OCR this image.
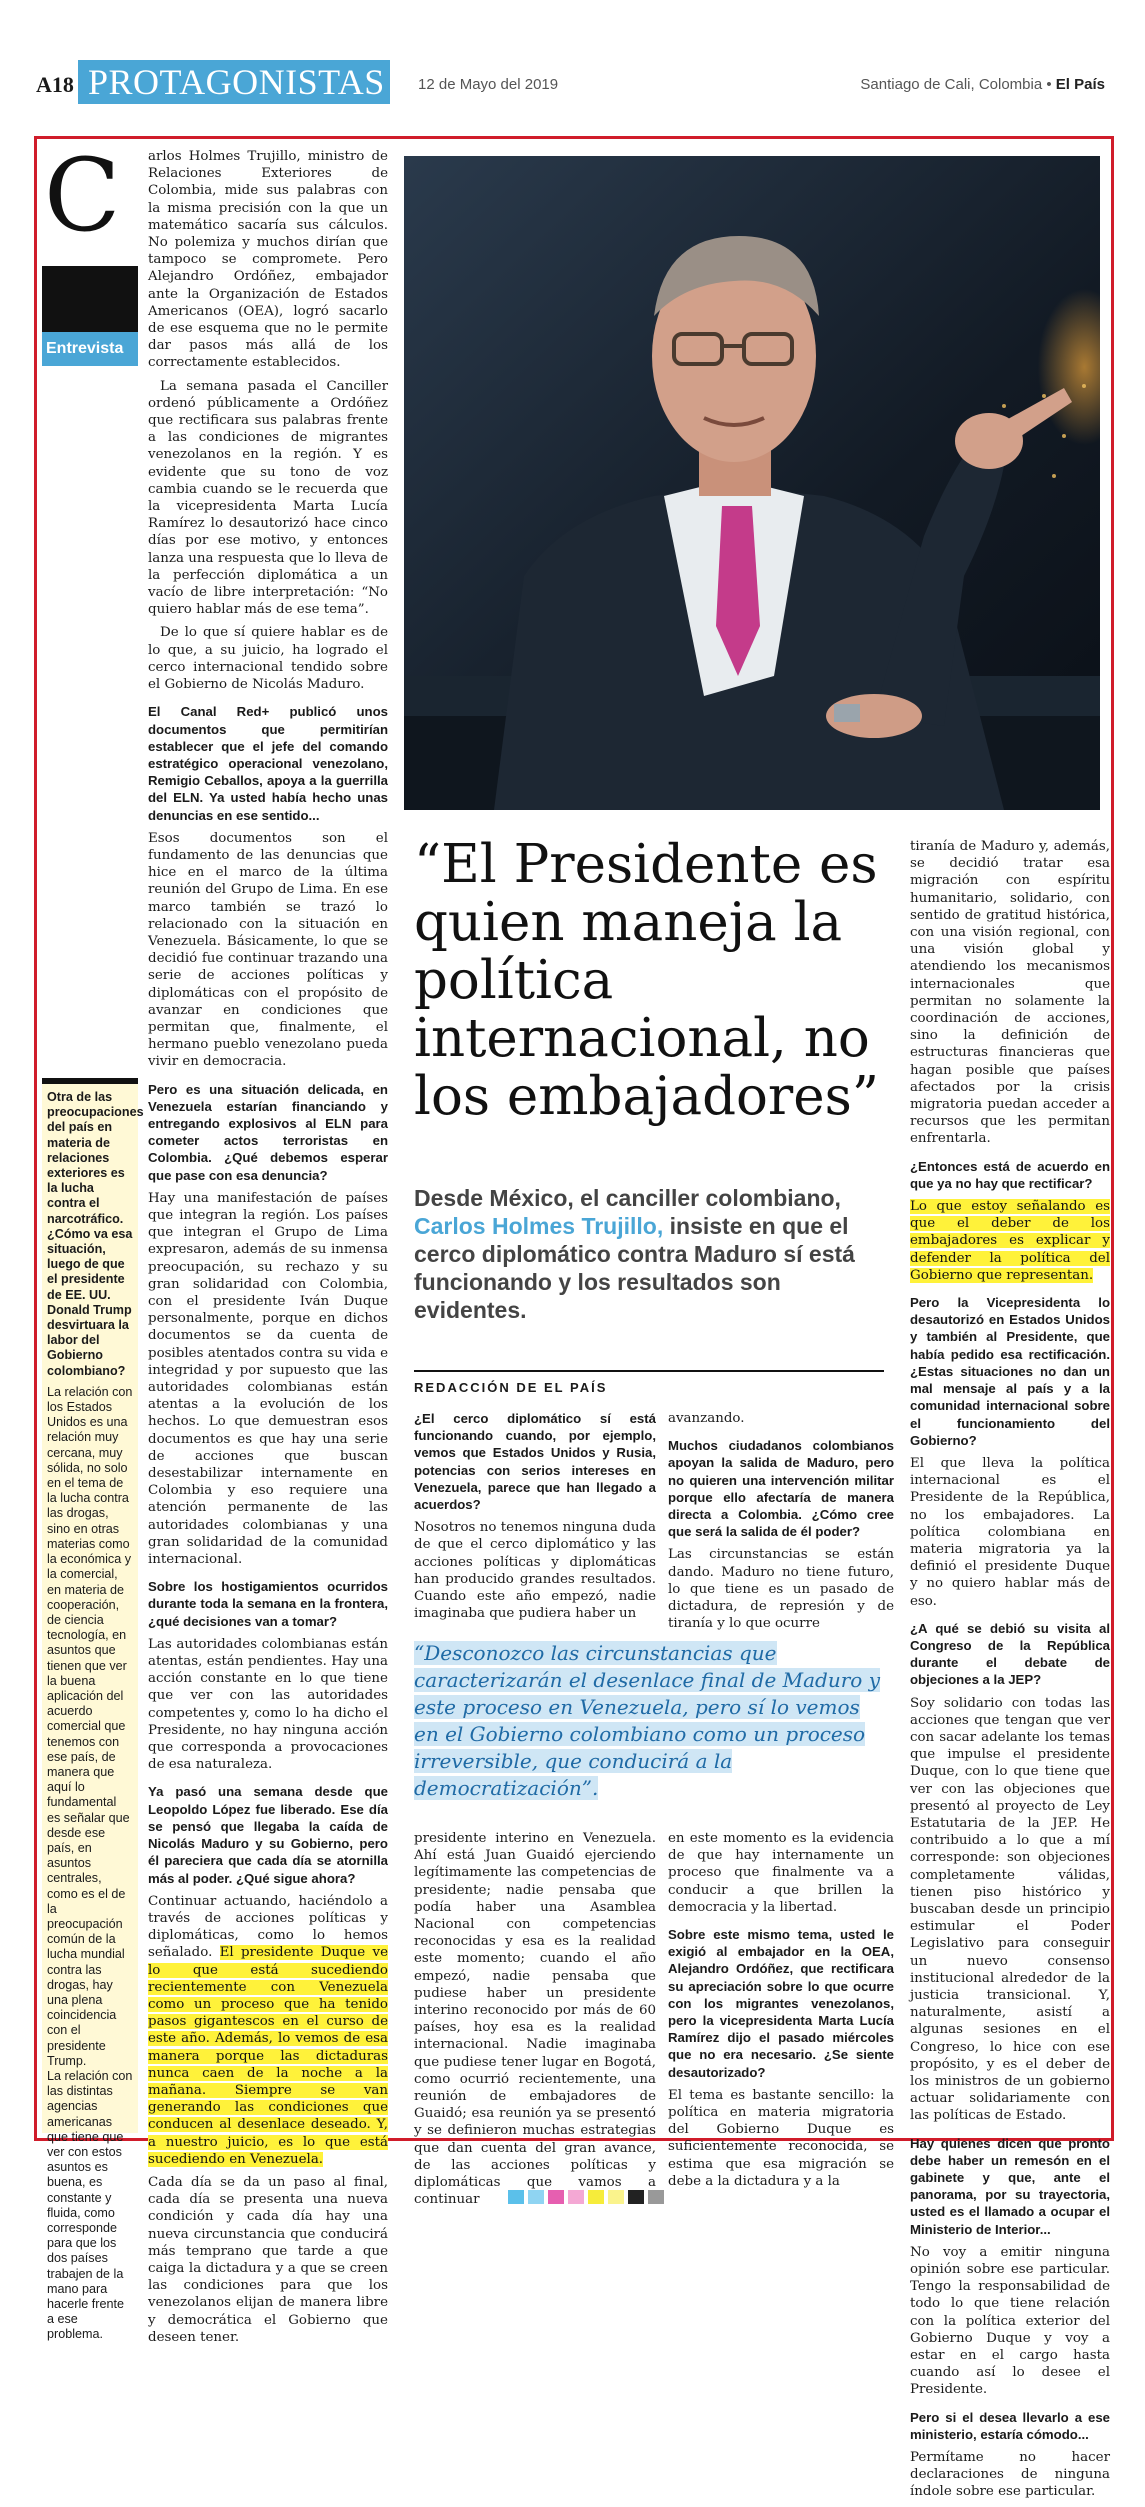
A18 PROTAGONISTAS	12 de Mayo del 2019	Santiago de Cali, Colombia • El País
C
Entrevista

Otra de las preocupaciones del país en materia de relaciones exteriores es la lucha contra el narcotráfico. ¿Cómo va esa situación, luego de que el presidente de EE. UU. Donald Trump desvirtuara la labor del Gobierno colombiano?

La relación con los Estados Unidos es una relación muy cercana, muy sólida, no solo en el tema de la lucha contra las drogas, sino en otras materias como la económica y la comercial, en materia de cooperación, de ciencia tecnología, en asuntos que tienen que ver la buena aplicación del acuerdo comercial que tenemos con ese país, de manera que aquí lo fundamental es señalar que desde ese país, en asuntos centrales, como es el de la preocupación común de la lucha mundial contra las drogas, hay una plena coincidencia con el presidente Trump.

La relación con las distintas agencias americanas que tiene que ver con estos asuntos es buena, es constante y fluida, como corresponde para que los dos países trabajen de la mano para hacerle frente a ese problema.

arlos Holmes Trujillo, ministro de Relaciones Exteriores de Colombia, mide sus palabras con la misma precisión con la que un matemático sacaría sus cálculos. No polemiza y muchos dirían que tampoco se compromete. Pero Alejandro Ordóñez, embajador ante la Organización de Estados Americanos (OEA), logró sacarlo de ese esquema que no le permite dar pasos más allá de los correctamente establecidos.

La semana pasada el Canciller ordenó públicamente a Ordóñez que rectificara sus palabras frente a las condiciones de migrantes venezolanos en la región. Y es evidente que su tono de voz cambia cuando se le recuerda que la vicepresidenta Marta Lucía Ramírez lo desautorizó hace cinco días por ese motivo, y entonces lanza una respuesta que lo lleva de la perfección diplomática a un vacío de libre interpretación: “No quiero hablar más de ese tema”.

De lo que sí quiere hablar es de lo que, a su juicio, ha logrado el cerco internacional tendido sobre el Gobierno de Nicolás Maduro.

El Canal Red+ publicó unos documentos que permitirían establecer que el jefe del comando estratégico operacional venezolano, Remigio Ceballos, apoya a la guerrilla del ELN. Ya usted había hecho unas denuncias en ese sentido...

Esos documentos son el fundamento de las denuncias que hice en el marco de la última reunión del Grupo de Lima. En ese marco también se trazó lo relacionado con la situación en Venezuela. Básicamente, lo que se decidió fue continuar trazando una serie de acciones políticas y diplomáticas con el propósito de avanzar en condiciones que permitan que, finalmente, el hermano pueblo venezolano pueda vivir en democracia.

Pero es una situación delicada, en Venezuela estarían financiando y entregando explosivos al ELN para cometer actos terroristas en Colombia. ¿Qué debemos esperar que pase con esa denuncia?

Hay una manifestación de países que integran la región. Los países que integran el Grupo de Lima expresaron, además de su inmensa preocupación, su rechazo y su gran solidaridad con Colombia, con el presidente Iván Duque personalmente, porque en dichos documentos se da cuenta de posibles atentados contra su vida e integridad y por supuesto que las autoridades colombianas están atentas a la evolución de los hechos. Lo que demuestran esos documentos es que hay una serie de acciones que buscan desestabilizar internamente en Colombia y eso requiere una atención permanente de las autoridades colombianas y una gran solidaridad de la comunidad internacional.

Sobre los hostigamientos ocurridos durante toda la semana en la frontera, ¿qué decisiones van a tomar?

Las autoridades colombianas están atentas, están pendientes. Hay una acción constante en lo que tiene que ver con las autoridades competentes y, como lo ha dicho el Presidente, no hay ninguna acción que corresponda a provocaciones de esa naturaleza.

Ya pasó una semana desde que Leopoldo López fue liberado. Ese día se pensó que llegaba la caída de Nicolás Maduro y su Gobierno, pero él pareciera que cada día se atornilla más al poder. ¿Qué sigue ahora?

Continuar actuando, haciéndolo a través de acciones políticas y diplomáticas, como lo hemos señalado. El presidente Duque ve lo que está sucediendo recientemente con Venezuela como un proceso que ha tenido pasos gigantescos en el curso de este año. Además, lo vemos de esa manera porque las dictaduras nunca caen de la noche a la mañana. Siempre se van generando las condiciones que conducen al desenlace deseado. Y, a nuestro juicio, es lo que está sucediendo en Venezuela.

Cada día se da un paso al final, cada día se presenta una nueva condición y cada día hay una nueva circunstancia que conducirá más temprano que tarde a que caiga la dictadura y a que se creen las condiciones para que los venezolanos elijan de manera libre y democrática el Gobierno que deseen tener.

“El Presidente es quien maneja la política internacional, no los embajadores”
Desde México, el canciller colombiano, Carlos Holmes Trujillo, insiste en que el cerco diplomático contra Maduro sí está funcionando y los resultados son evidentes.
REDACCIÓN DE EL PAÍS

¿El cerco diplomático sí está funcionando cuando, por ejemplo, vemos que Estados Unidos y Rusia, potencias con serios intereses en Venezuela, parece que han llegado a acuerdos?

Nosotros no tenemos ninguna duda de que el cerco diplomático y las acciones políticas y diplomáticas han producido grandes resultados. Cuando este año empezó, nadie imaginaba que pudiera haber un

avanzando.

Muchos ciudadanos colombianos apoyan la salida de Maduro, pero no quieren una intervención militar porque ello afectaría de manera directa a Colombia. ¿Cómo cree que será la salida de él poder?

Las circunstancias se están dando. Maduro no tiene futuro, lo que tiene es un pasado de dictadura, de represión y de tiranía y lo que ocurre

“Desconozco las circunstancias que caracterizarán el desenlace final de Maduro y este proceso en Venezuela, pero sí lo vemos en el Gobierno colombiano como un proceso irreversible, que conducirá a la democratización”.

presidente interino en Venezuela. Ahí está Juan Guaidó ejerciendo legítimamente las competencias de presidente; nadie pensaba que podía haber una Asamblea Nacional con competencias reconocidas y esa es la realidad este momento; cuando el año empezó, nadie pensaba que pudiese haber un presidente interino reconocido por más de 60 países, hoy esa es la realidad internacional. Nadie imaginaba que pudiese tener lugar en Bogotá, como ocurrió recientemente, una reunión de embajadores de Guaidó; esa reunión ya se presentó y se definieron muchas estrategias que dan cuenta del gran avance, de las acciones políticas y diplomáticas que vamos a continuar

en este momento es la evidencia de que hay internamente un proceso que finalmente va a conducir a que brillen la democracia y la libertad.

Sobre este mismo tema, usted le exigió al embajador en la OEA, Alejandro Ordóñez, que rectificara su apreciación sobre lo que ocurre con los migrantes venezolanos, pero la vicepresidenta Marta Lucía Ramírez dijo el pasado miércoles que no era necesario. ¿Se siente desautorizado?

El tema es bastante sencillo: la política en materia migratoria del Gobierno Duque es suficientemente reconocida, se estima que esa migración se debe a la dictadura y a la

tiranía de Maduro y, además, se decidió tratar esa migración con espíritu humanitario, solidario, con sentido de gratitud histórica, con una visión regional, con una visión global y atendiendo los mecanismos internacionales que permitan no solamente la coordinación de acciones, sino la definición de estructuras financieras que hagan posible que países afectados por la crisis migratoria puedan acceder a recursos que les permitan enfrentarla.

¿Entonces está de acuerdo en que ya no hay que rectificar?

Lo que estoy señalando es que el deber de los embajadores es explicar y defender la política del Gobierno que representan.

Pero la Vicepresidenta lo desautorizó en Estados Unidos y también al Presidente, que había pedido esa rectificación. ¿Estas situaciones no dan un mal mensaje al país y a la comunidad internacional sobre el funcionamiento del Gobierno?

El que lleva la política internacional es el Presidente de la República, no los embajadores. La política colombiana en materia migratoria ya la definió el presidente Duque y no quiero hablar más de eso.

¿A qué se debió su visita al Congreso de la República durante el debate de objeciones a la JEP?

Soy solidario con todas las acciones que tengan que ver con sacar adelante los temas que impulse el presidente Duque, con lo que tiene que ver con las objeciones que presentó al proyecto de Ley Estatutaria de la JEP. He contribuido a lo que a mí corresponde: son objeciones completamente válidas, tienen piso histórico y buscaban desde un principio estimular el Poder Legislativo para conseguir un nuevo consenso institucional alrededor de la justicia transicional. Y, naturalmente, asistí a algunas sesiones en el Congreso, lo hice con ese propósito, y es el deber de los ministros de un gobierno actuar solidariamente con las políticas de Estado.

Hay quienes dicen que pronto debe haber un remesón en el gabinete y que, ante el panorama, por su trayectoria, usted es el llamado a ocupar el Ministerio de Interior...

No voy a emitir ninguna opinión sobre ese particular. Tengo la responsabilidad de todo lo que tiene relación con la política exterior del Gobierno Duque y voy a estar en el cargo hasta cuando así lo desee el Presidente.

Pero si el desea llevarlo a ese ministerio, estaría cómodo...

Permítame no hacer declaraciones de ninguna índole sobre ese particular.
